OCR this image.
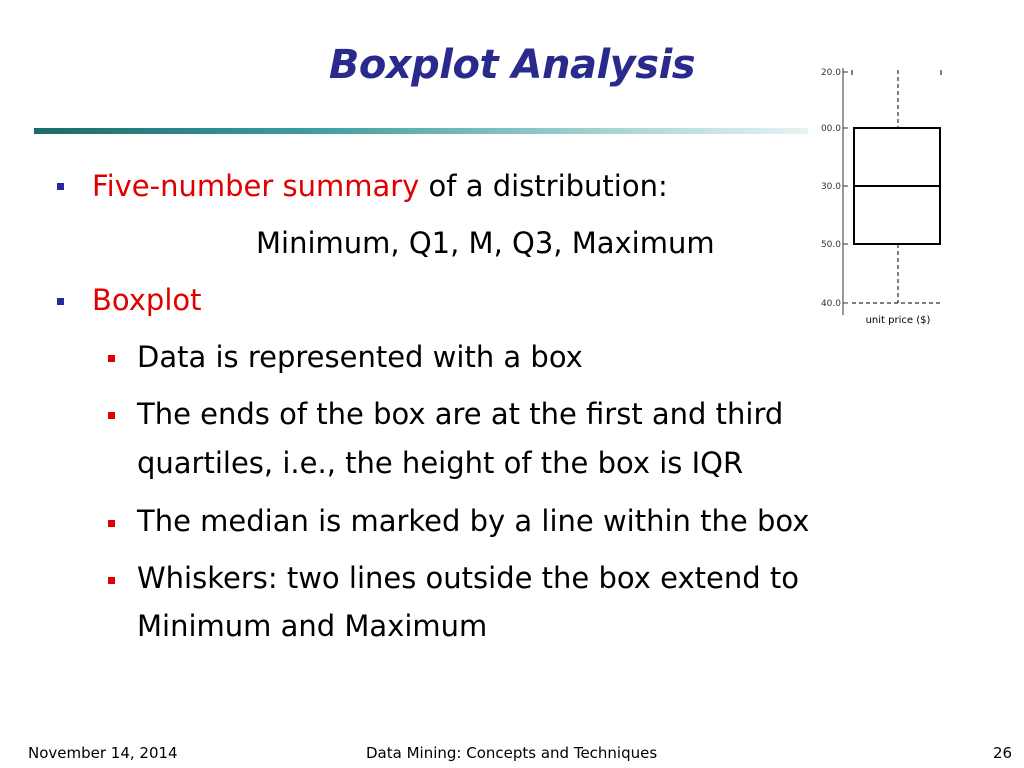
Boxplot Analysis
Five-number summary of a distribution:
Minimum, Q1, M, Q3, Maximum
Boxplot
Data is represented with a box
The ends of the box are at the first and third
quartiles, i.e., the height of the box is IQR
The median is marked by a line within the box
Whiskers: two lines outside the box extend to
Minimum and Maximum
20.0
00.0
30.0
50.0
40.0
unit price ($)
November 14, 2014	Data Mining: Concepts and Techniques	26
